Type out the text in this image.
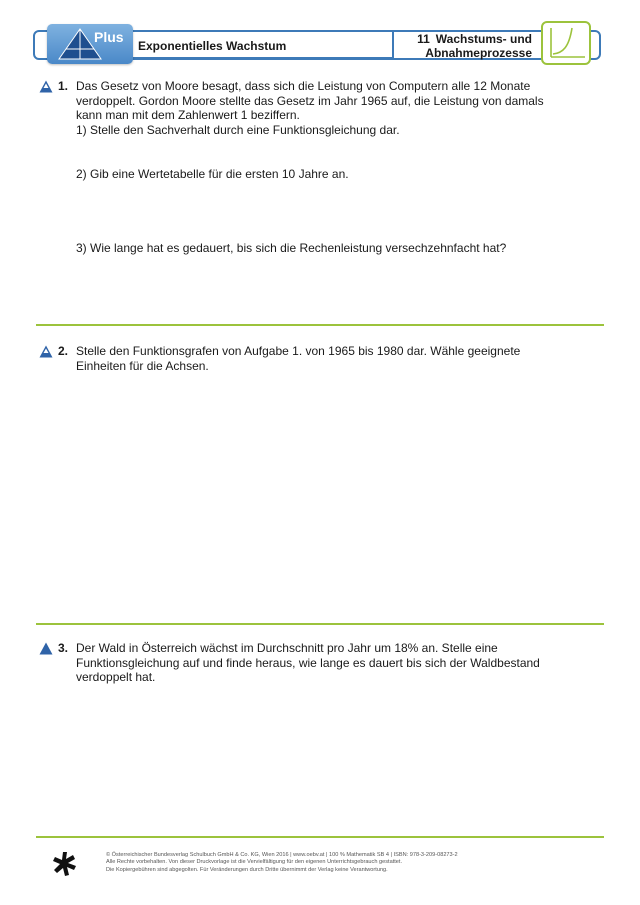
Plus
Exponentielles Wachstum	11 Wachstums- und
Abnahmeprozesse
1. Das Gesetz von Moore besagt, dass sich die Leistung von Computern alle 12 Monate

verdoppelt. Gordon Moore stellte das Gesetz im Jahr 1965 auf, die Leistung von damals

kann man mit dem Zahlenwert 1 beziffern.

1) Stelle den Sachverhalt durch eine Funktionsgleichung dar.
2) Gib eine Wertetabelle für die ersten 10 Jahre an.
3) Wie lange hat es gedauert, bis sich die Rechenleistung versechzehnfacht hat?
2. Stelle den Funktionsgrafen von Aufgabe 1. von 1965 bis 1980 dar. Wähle geeignete

Einheiten für die Achsen.

3. Der Wald in Österreich wächst im Durchschnitt pro Jahr um 18% an. Stelle eine

Funktionsgleichung auf und finde heraus, wie lange es dauert bis sich der Waldbestand

verdoppelt hat.

© Österreichischer Bundesverlag Schulbuch GmbH & Co. KG, Wien 2016 | www.oebv.at | 100 % Mathematik SB 4 | ISBN: 978-3-209-08273-2

Alle Rechte vorbehalten. Von dieser Druckvorlage ist die Vervielfältigung für den eigenen Unterrichtsgebrauch gestattet.

Die Kopiergebühren sind abgegolten. Für Veränderungen durch Dritte übernimmt der Verlag keine Verantwortung.
